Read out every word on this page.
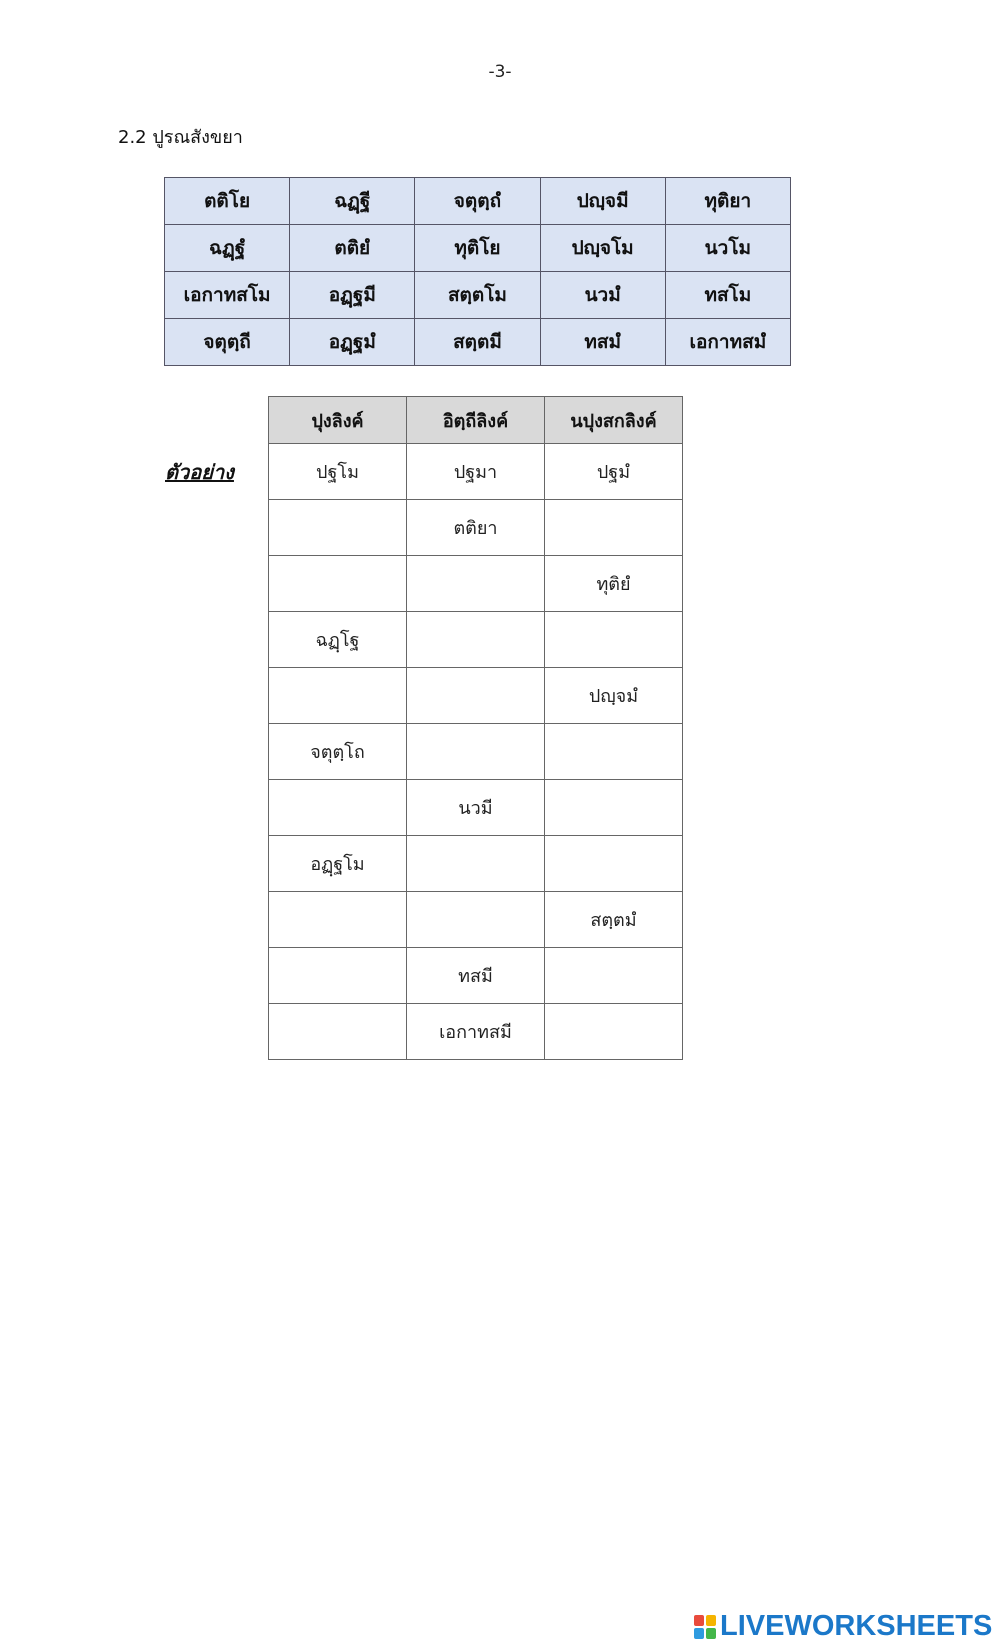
-3-
2.2 ปูรณสังขยา
ตติโย	ฉฏฺฐี	จตุตฺถํ	ปญฺจมี	ทุติยา
ฉฏฺฐํ	ตติยํ	ทุติโย	ปญฺจโม	นวโม
เอกาทสโม	อฏฺฐมี	สตฺตโม	นวมํ	ทสโม
จตุตฺถี	อฏฺฐมํ	สตฺตมี	ทสมํ	เอกาทสมํ
ตัวอย่าง
ปุงลิงค์	อิตฺถีลิงค์	นปุงสกลิงค์
ปฐโม	ปฐมา	ปฐมํ
	ตติยา	
		ทุติยํ
ฉฏฺโฐ		
		ปญฺจมํ
จตุตฺโถ		
	นวมี	
อฏฺฐโม		
		สตฺตมํ
	ทสมี	
	เอกาทสมี	
LIVEWORKSHEETS
